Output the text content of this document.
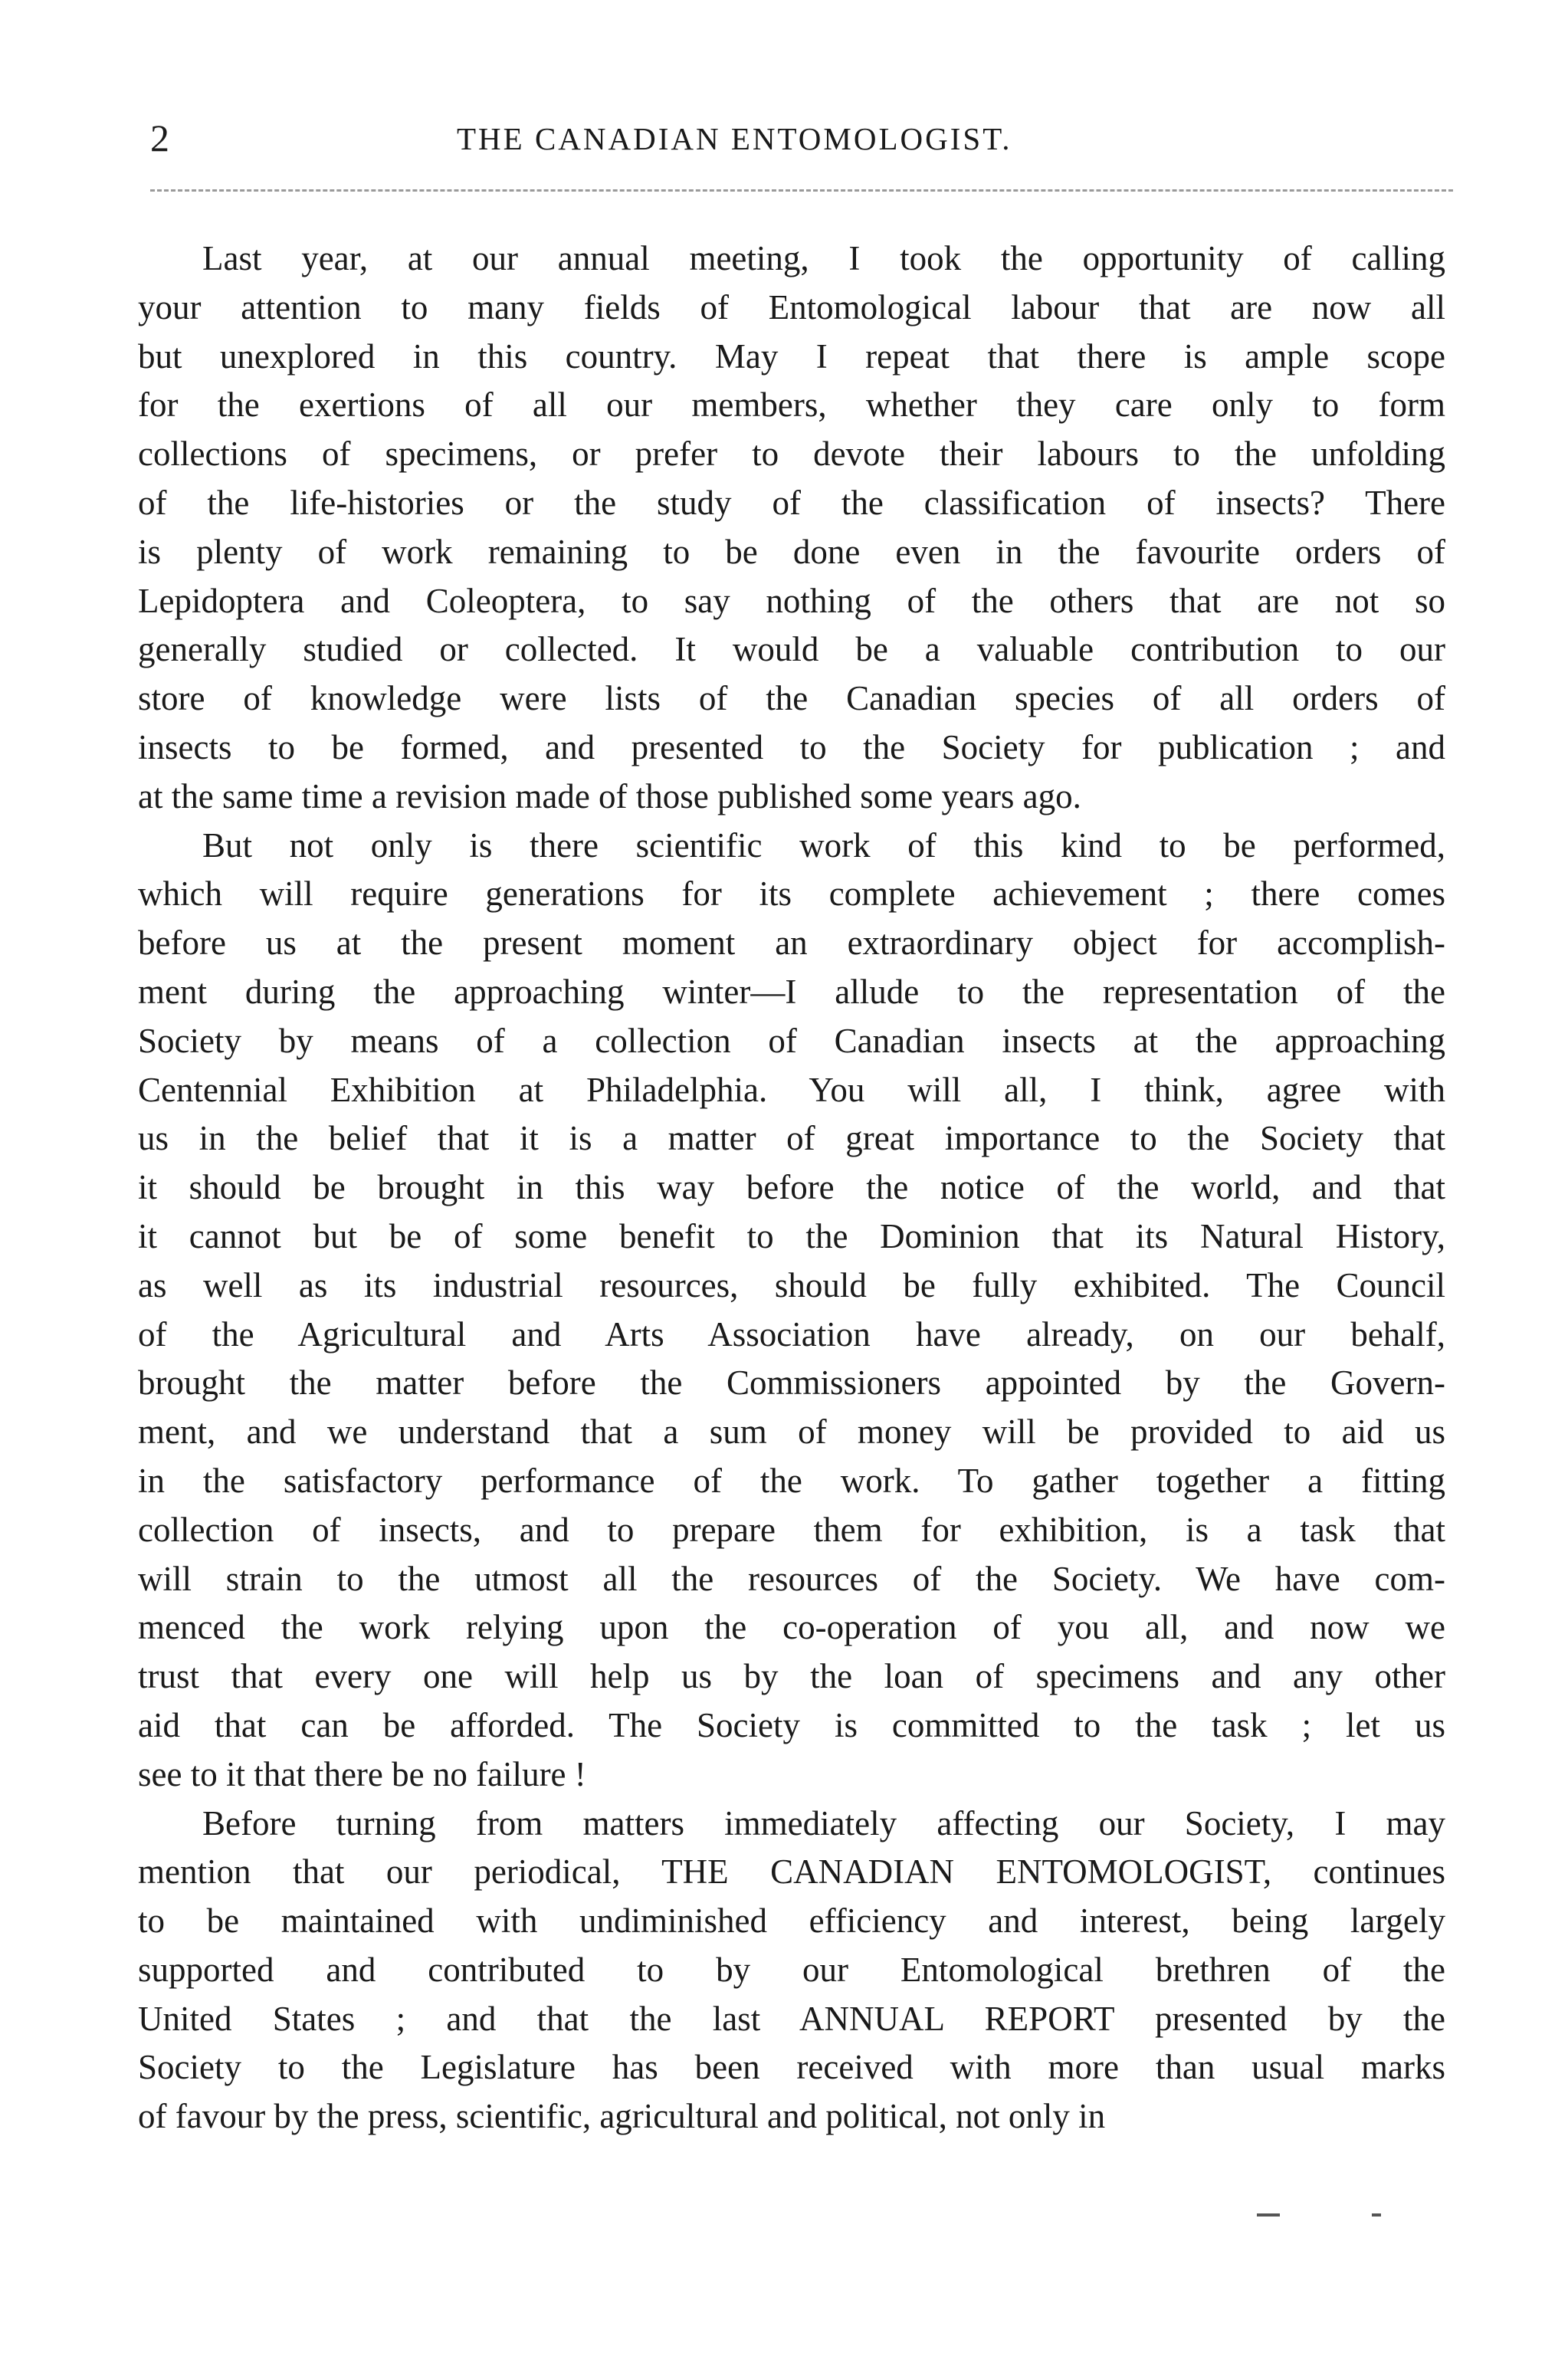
2	THE CANADIAN ENTOMOLOGIST.
Last year, at our annual meeting, I took the opportunity of calling
your attention to many fields of Entomological labour that are now all
but unexplored in this country. May I repeat that there is ample scope
for the exertions of all our members, whether they care only to form
collections of specimens, or prefer to devote their labours to the unfolding
of the life-histories or the study of the classification of insects? There
is plenty of work remaining to be done even in the favourite orders of
Lepidoptera and Coleoptera, to say nothing of the others that are not so
generally studied or collected. It would be a valuable contribution to our
store of knowledge were lists of the Canadian species of all orders of
insects to be formed, and presented to the Society for publication ; and
at the same time a revision made of those published some years ago.
But not only is there scientific work of this kind to be performed,
which will require generations for its complete achievement ; there comes
before us at the present moment an extraordinary object for accomplish-
ment during the approaching winter—I allude to the representation of the
Society by means of a collection of Canadian insects at the approaching
Centennial Exhibition at Philadelphia. You will all, I think, agree with
us in the belief that it is a matter of great importance to the Society that
it should be brought in this way before the notice of the world, and that
it cannot but be of some benefit to the Dominion that its Natural History,
as well as its industrial resources, should be fully exhibited. The Council
of the Agricultural and Arts Association have already, on our behalf,
brought the matter before the Commissioners appointed by the Govern-
ment, and we understand that a sum of money will be provided to aid us
in the satisfactory performance of the work. To gather together a fitting
collection of insects, and to prepare them for exhibition, is a task that
will strain to the utmost all the resources of the Society. We have com-
menced the work relying upon the co-operation of you all, and now we
trust that every one will help us by the loan of specimens and any other
aid that can be afforded. The Society is committed to the task ; let us
see to it that there be no failure !
Before turning from matters immediately affecting our Society, I may
mention that our periodical, THE CANADIAN ENTOMOLOGIST, continues
to be maintained with undiminished efficiency and interest, being largely
supported and contributed to by our Entomological brethren of the
United States ; and that the last ANNUAL REPORT presented by the
Society to the Legislature has been received with more than usual marks
of favour by the press, scientific, agricultural and political, not only in
